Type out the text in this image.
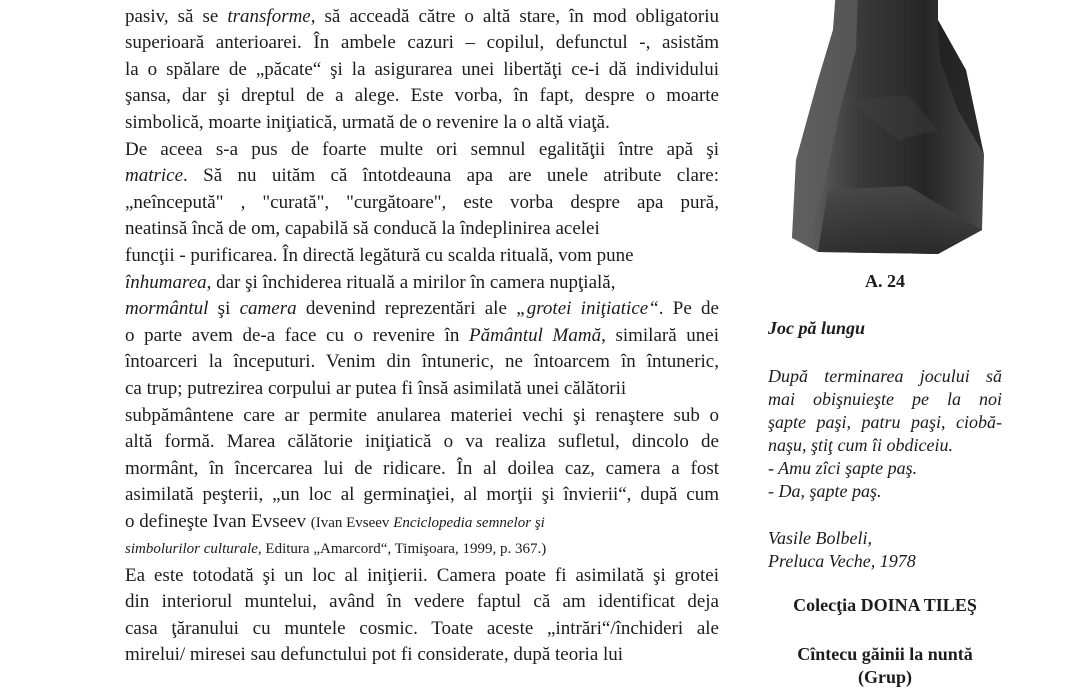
pasiv, să se transforme, să acceadă către o altă stare, în mod obligatoriu
superioară anterioarei. În ambele cazuri – copilul, defunctul -, asistăm
la o spălare de „păcate“ şi la asigurarea unei libertăţi ce-i dă individului
şansa, dar şi dreptul de a alege. Este vorba, în fapt, despre o moarte
simbolică, moarte iniţiatică, urmată de o revenire la o altă viaţă.
De aceea s-a pus de foarte multe ori semnul egalităţii între apă şi
matrice. Să nu uităm că întotdeauna apa are unele atribute clare:
„neîncepută" , "curată", "curgătoare", este vorba despre apa pură,
neatinsă încă de om, capabilă să conducă la îndeplinirea acelei
funcţii - purificarea. În directă legătură cu scalda rituală, vom pune
înhumarea, dar şi închiderea rituală a mirilor în camera nupţială,
mormântul şi camera devenind reprezentări ale „grotei iniţiatice“. Pe de
o parte avem de-a face cu o revenire în Pământul Mamă, similară unei
întoarceri la începuturi. Venim din întuneric, ne întoarcem în întuneric,
ca trup; putrezirea corpului ar putea fi însă asimilată unei călătorii
subpământene care ar permite anularea materiei vechi şi renaştere sub o
altă formă. Marea călătorie iniţiatică o va realiza sufletul, dincolo de
mormânt, în încercarea lui de ridicare. În al doilea caz, camera a fost
asimilată peşterii, „un loc al germinaţiei, al morţii şi învierii“, după cum
o defineşte Ivan Evseev (Ivan Evseev Enciclopedia semnelor şi
simbolurilor culturale, Editura „Amarcord“, Timişoara, 1999, p. 367.)
Ea este totodată şi un loc al iniţierii. Camera poate fi asimilată şi grotei
din interiorul muntelui, având în vedere faptul că am identificat deja
casa ţăranului cu muntele cosmic. Toate aceste „intrări“/închideri ale
mirelui/ miresei sau defunctului pot fi considerate, după teoria lui
A. 24
Joc pă lungu
După terminarea jocului să
mai obişnuieşte pe la noi
şapte paşi, patru paşi, ciobă-
naşu, ştiţ cum îi obdiceiu.
- Amu zîci şapte paş.
- Da, şapte paş.
Vasile Bolbeli,
Preluca Veche, 1978
Colecţia DOINA TILEŞ
Cîntecu găinii la nuntă
(Grup)
